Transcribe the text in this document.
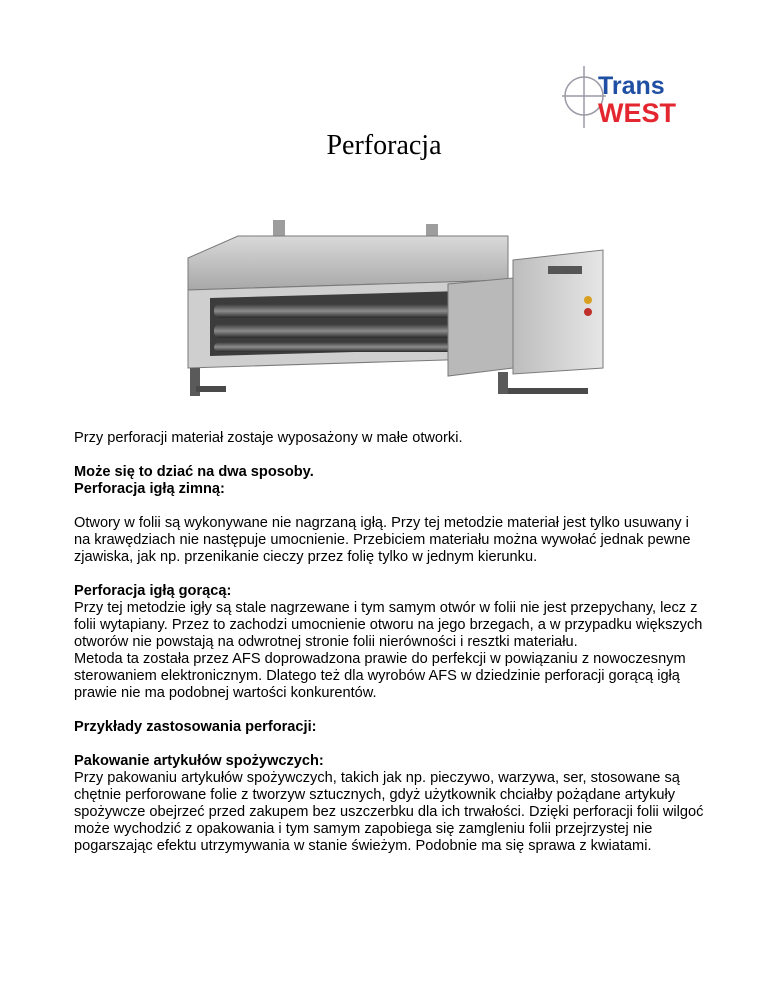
Trans
WEST
Perforacja

Przy perforacji materiał zostaje wyposażony w małe otworki.

Może się to dziać na dwa sposoby.
Perforacja igłą zimną:

Otwory w folii są wykonywane nie nagrzaną igłą. Przy tej metodzie materiał jest tylko usuwany i na krawędziach nie następuje umocnienie. Przebiciem materiału można wywołać jednak pewne zjawiska, jak np. przenikanie cieczy przez folię tylko w jednym kierunku.

Perforacja igłą gorącą:
Przy tej metodzie igły są stale nagrzewane i tym samym otwór w folii nie jest przepychany, lecz z folii wytapiany. Przez to zachodzi umocnienie otworu na jego brzegach, a w przypadku większych otworów nie powstają na odwrotnej stronie folii nierówności i resztki materiału.
Metoda ta została przez AFS doprowadzona prawie do perfekcji w powiązaniu z nowoczesnym sterowaniem elektronicznym. Dlatego też dla wyrobów AFS w dziedzinie perforacji gorącą igłą prawie nie ma podobnej wartości konkurentów.

Przykłady zastosowania perforacji:

Pakowanie artykułów spożywczych:
Przy pakowaniu artykułów spożywczych, takich jak np. pieczywo, warzywa, ser, stosowane są chętnie perforowane folie z tworzyw sztucznych, gdyż użytkownik chciałby pożądane artykuły spożywcze obejrzeć przed zakupem bez uszczerbku dla ich trwałości. Dzięki perforacji folii wilgoć może wychodzić z opakowania i tym samym zapobiega się zamgleniu folii przejrzystej nie pogarszając efektu utrzymywania w stanie świeżym. Podobnie ma się sprawa z kwiatami.
